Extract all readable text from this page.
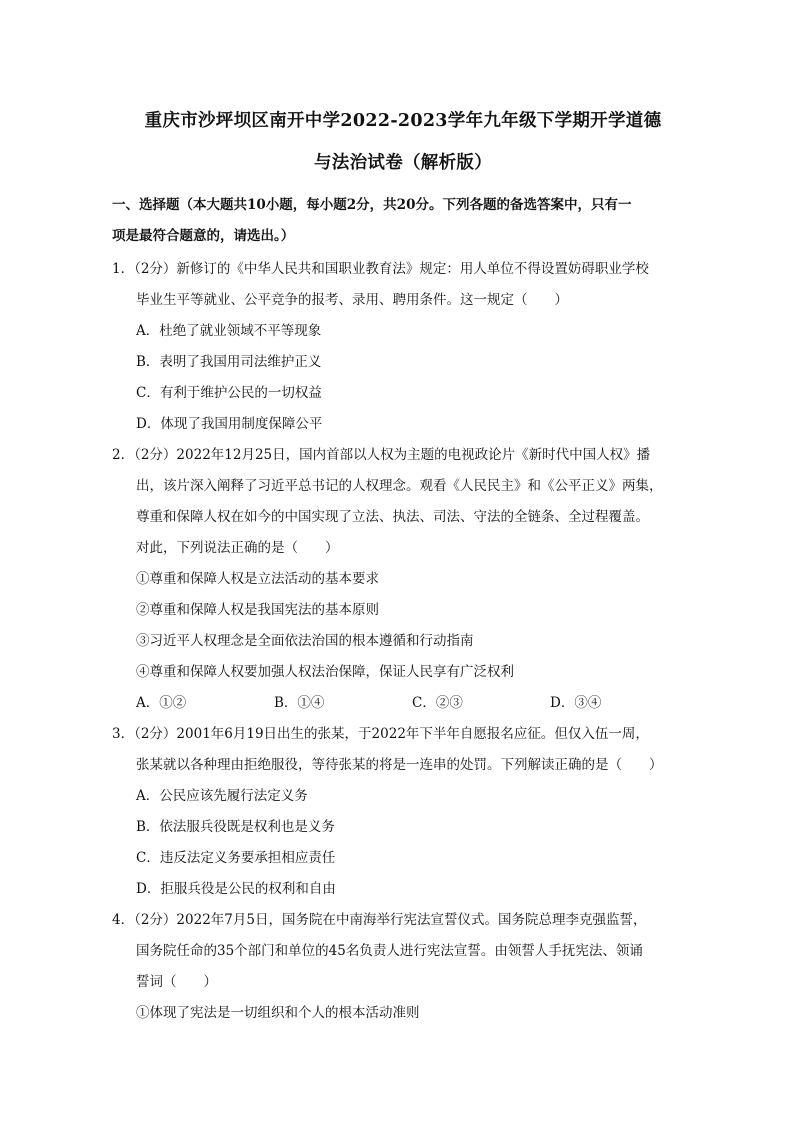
重庆市沙坪坝区南开中学2022-2023学年九年级下学期开学道德
与法治试卷（解析版）
一、选择题（本大题共10小题，每小题2分，共20分。下列各题的备选答案中，只有一
项是最符合题意的，请选出。）
1．（2分）新修订的《中华人民共和国职业教育法》规定：用人单位不得设置妨碍职业学校
毕业生平等就业、公平竞争的报考、录用、聘用条件。这一规定（　　）
A．杜绝了就业领域不平等现象
B．表明了我国用司法维护正义
C．有利于维护公民的一切权益
D．体现了我国用制度保障公平
2．（2分）2022年12月25日，国内首部以人权为主题的电视政论片《新时代中国人权》播
出，该片深入阐释了习近平总书记的人权理念。观看《人民民主》和《公平正义》两集，
尊重和保障人权在如今的中国实现了立法、执法、司法、守法的全链条、全过程覆盖。
对此，下列说法正确的是（　　）
①尊重和保障人权是立法活动的基本要求
②尊重和保障人权是我国宪法的基本原则
③习近平人权理念是全面依法治国的根本遵循和行动指南
④尊重和保障人权要加强人权法治保障，保证人民享有广泛权利
A．①②	B．①④	C．②③	D．③④
3．（2分）2001年6月19日出生的张某，于2022年下半年自愿报名应征。但仅入伍一周，
张某就以各种理由拒绝服役，等待张某的将是一连串的处罚。下列解读正确的是（　　）
A．公民应该先履行法定义务
B．依法服兵役既是权利也是义务
C．违反法定义务要承担相应责任
D．拒服兵役是公民的权利和自由
4．（2分）2022年7月5日，国务院在中南海举行宪法宣誓仪式。国务院总理李克强监誓，
国务院任命的35个部门和单位的45名负责人进行宪法宣誓。由领誓人手抚宪法、领诵
誓词（　　）
①体现了宪法是一切组织和个人的根本活动准则
